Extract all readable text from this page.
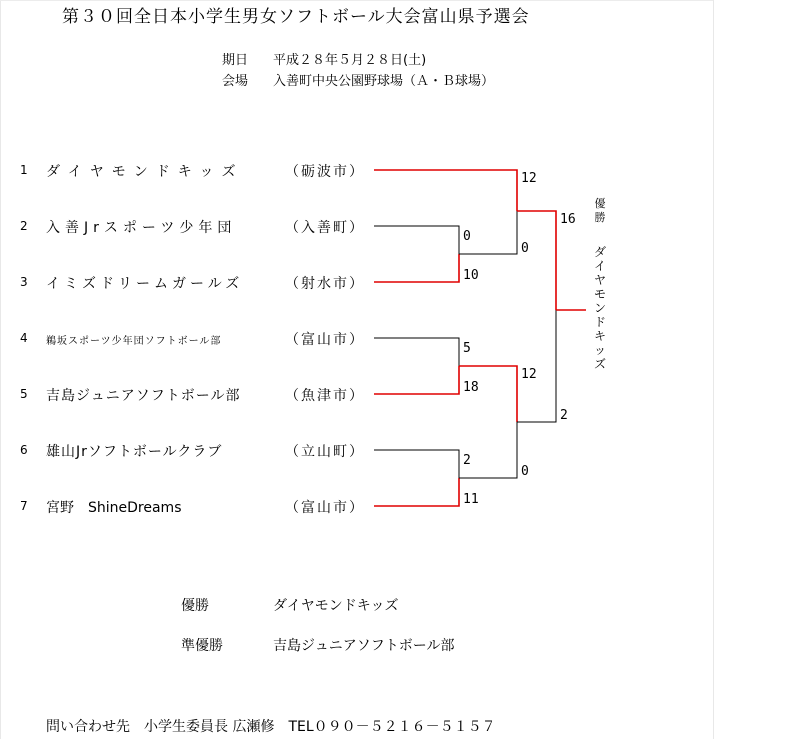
第３０回全日本小学生男女ソフトボール大会富山県予選会
期日 平成２８年５月２８日(土)
会場 入善町中央公園野球場（Ａ・Ｂ球場）
1 ダイヤモンドキッズ	（砺波市）
2 入善Jrスポーツ少年団	（入善町）
3 イミズドリームガールズ	（射水市）
4 鵜坂スポーツ少年団ソフトボール部	（富山市）
5 吉島ジュニアソフトボール部	（魚津市）
6 雄山Jrソフトボールクラブ	（立山町）
7 宮野　ShineDreams	（富山市）
0
10
5
18
2
11
12
0
12
0
16
2
優勝
ダイヤモンドキッズ
優勝	ダイヤモンドキッズ
準優勝	吉島ジュニアソフトボール部
問い合わせ先　小学生委員長 広瀬修　TEL０９０－５２１６－５１５７
